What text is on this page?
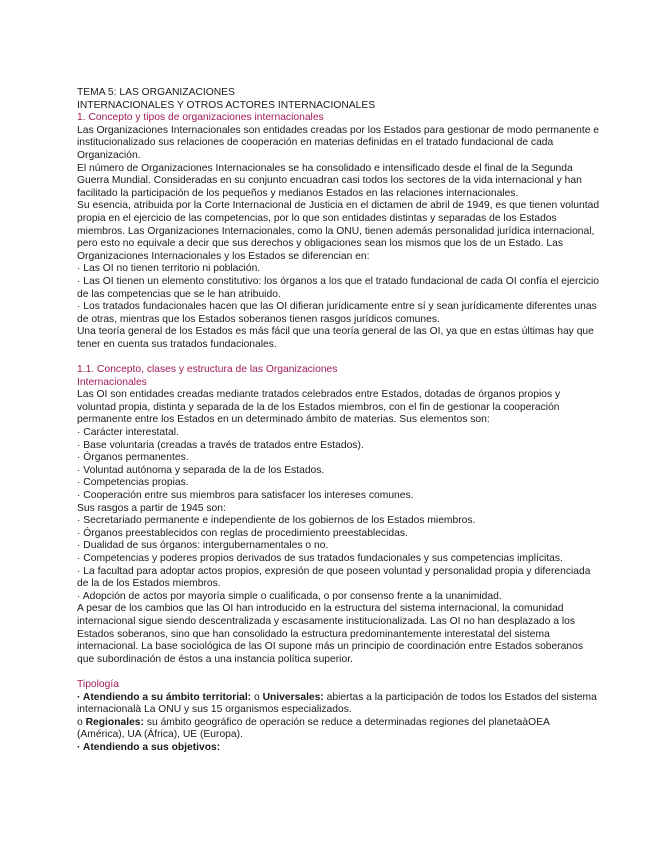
TEMA 5: LAS ORGANIZACIONES
INTERNACIONALES Y OTROS ACTORES INTERNACIONALES
1. Concepto y tipos de organizaciones internacionales
Las Organizaciones Internacionales son entidades creadas por los Estados para gestionar de modo permanente e
institucionalizado sus relaciones de cooperación en materias definidas en el tratado fundacional de cada
Organización.
El número de Organizaciones Internacionales se ha consolidado e intensificado desde el final de la Segunda
Guerra Mundial. Consideradas en su conjunto encuadran casi todos los sectores de la vida internacional y han
facilitado la participación de los pequeños y medianos Estados en las relaciones internacionales.
Su esencia, atribuida por la Corte Internacional de Justicia en el dictamen de abril de 1949, es que tienen voluntad
propia en el ejercicio de las competencias, por lo que son entidades distintas y separadas de los Estados
miembros. Las Organizaciones Internacionales, como la ONU, tienen además personalidad jurídica internacional,
pero esto no equivale a decir que sus derechos y obligaciones sean los mismos que los de un Estado. Las
Organizaciones Internacionales y los Estados se diferencian en:
· Las OI no tienen territorio ni población.
· Las OI tienen un elemento constitutivo: los órganos a los que el tratado fundacional de cada OI confía el ejercicio
de las competencias que se le han atribuido.
· Los tratados fundacionales hacen que las OI difieran jurídicamente entre sí y sean jurídicamente diferentes unas
de otras, mientras que los Estados soberanos tienen rasgos jurídicos comunes.
Una teoría general de los Estados es más fácil que una teoría general de las OI, ya que en estas últimas hay que
tener en cuenta sus tratados fundacionales.
1.1. Concepto, clases y estructura de las Organizaciones
Internacionales
Las OI son entidades creadas mediante tratados celebrados entre Estados, dotadas de órganos propios y
voluntad propia, distinta y separada de la de los Estados miembros, con el fin de gestionar la cooperación
permanente entre los Estados en un determinado ámbito de materias. Sus elementos son:
· Carácter interestatal.
· Base voluntaria (creadas a través de tratados entre Estados).
· Órganos permanentes.
· Voluntad autónoma y separada de la de los Estados.
· Competencias propias.
· Cooperación entre sus miembros para satisfacer los intereses comunes.
Sus rasgos a partir de 1945 son:
· Secretariado permanente e independiente de los gobiernos de los Estados miembros.
· Órganos preestablecidos con reglas de procedimiento preestablecidas.
· Dualidad de sus órganos: intergubernamentales o no.
· Competencias y poderes propios derivados de sus tratados fundacionales y sus competencias implícitas.
· La facultad para adoptar actos propios, expresión de que poseen voluntad y personalidad propia y diferenciada
de la de los Estados miembros.
· Adopción de actos por mayoría simple o cualificada, o por consenso frente a la unanimidad.
A pesar de los cambios que las OI han introducido en la estructura del sistema internacional, la comunidad
internacional sigue siendo descentralizada y escasamente institucionalizada. Las OI no han desplazado a los
Estados soberanos, sino que han consolidado la estructura predominantemente interestatal del sistema
internacional. La base sociológica de las OI supone más un principio de coordinación entre Estados soberanos
que subordinación de éstos a una instancia política superior.
Tipología
· Atendiendo a su ámbito territorial: o Universales: abiertas a la participación de todos los Estados del sistema
internacionalà La ONU y sus 15 organismos especializados.
o Regionales: su ámbito geográfico de operación se reduce a determinadas regiones del planetaàOEA
(América), UA (África), UE (Europa).
· Atendiendo a sus objetivos:
